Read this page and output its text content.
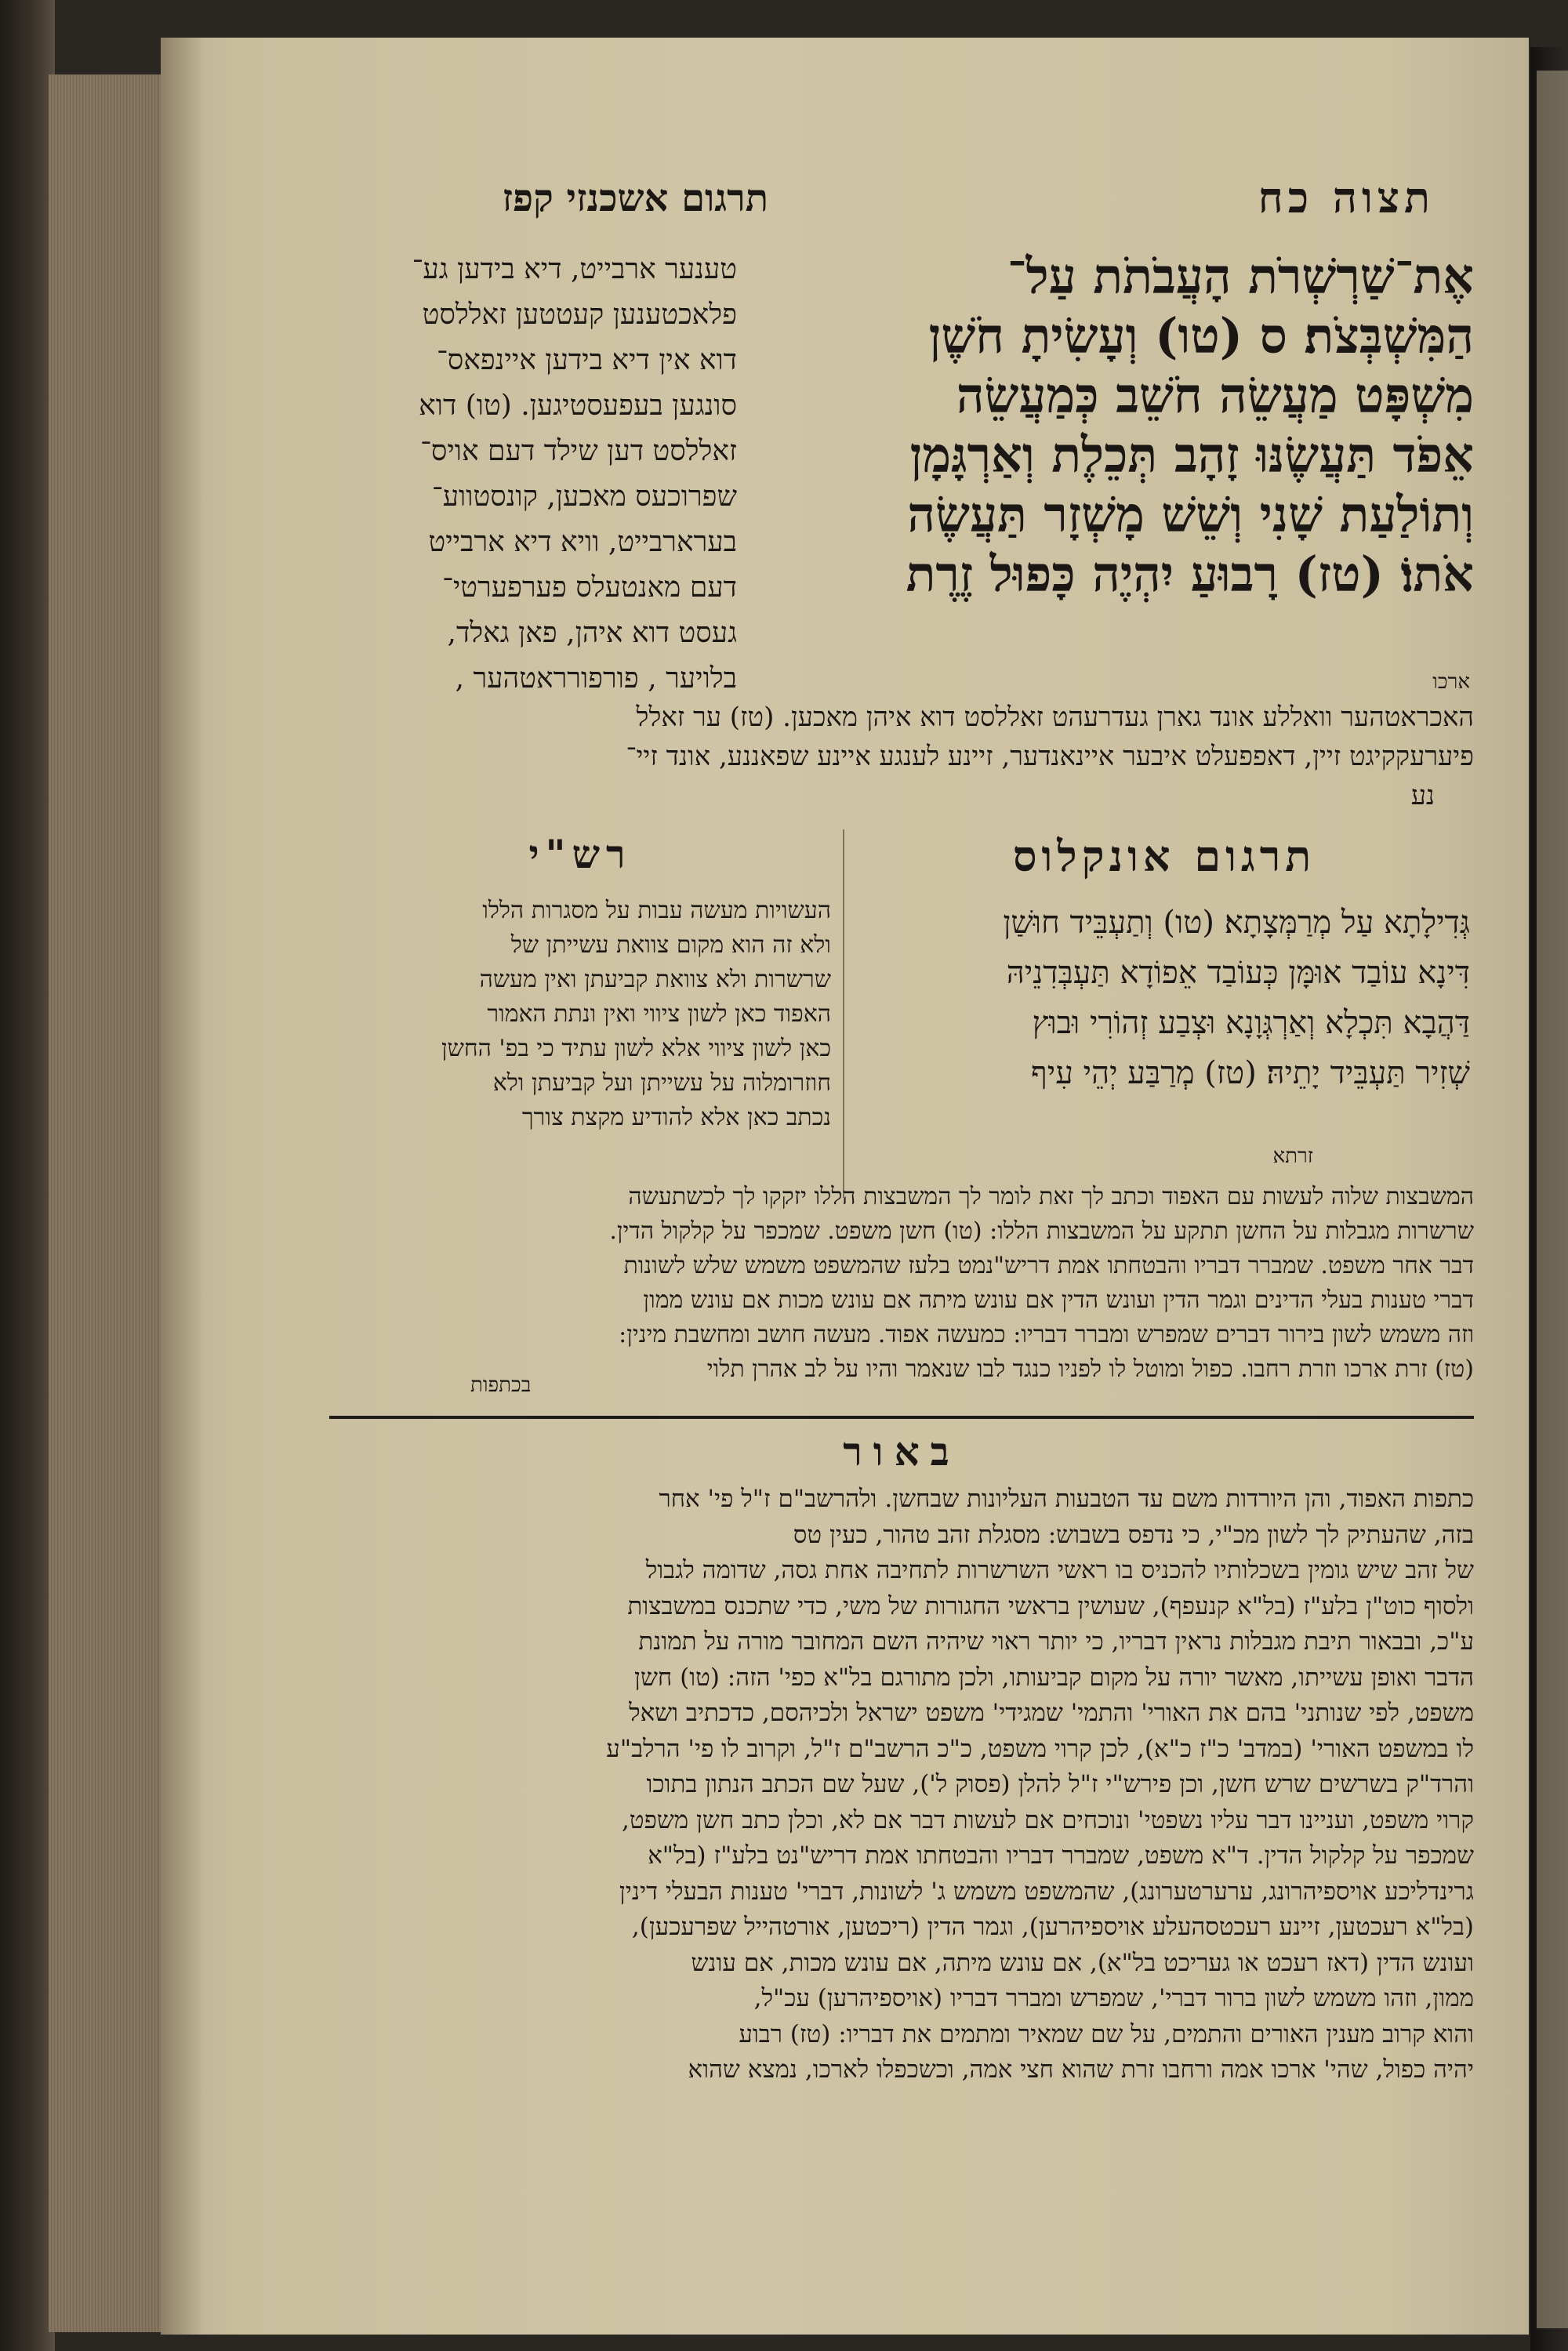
תצוה כח
תרגום אשכנזי קפז
אֶת־שַׁרְשְׁרֹת הָעֲבֹתֹת עַל־
הַמִּשְׁבְּצֹת׃ ס (טו) וְעָשִׂיתָ חֹשֶׁן
מִשְׁפָּט מַעֲשֵׂה חֹשֵׁב כְּמַעֲשֵׂה
אֵפֹד תַּעֲשֶׂנּוּ זָהָב תְּכֵלֶת וְאַרְגָּמָן
וְתוֹלַעַת שָׁנִי וְשֵׁשׁ מָשְׁזָר תַּעֲשֶׂה
אֹתוֹ׃ (טז) רָבוּעַ יִהְיֶה כָּפוּל זֶרֶת
ארכו
טענער ארבייט, דיא בידען גע־
פלאכטענען קעטטען זאללסט
דוא אין דיא בידען איינפאס־
סונגען בעפעסטיגען. (טו) דוא
זאללסט דען שילד דעם אויס־
שפרוכעס מאכען, קונסטווע־
בערארבייט, וויא דיא ארבייט
דעם מאנטעלס פערפערטי־
געסט דוא איהן, פאן גאלד,
בלויער , פורפורראטהער ,
האכראטהער וואללע אונד גארן געדרעהט זאללסט דוא איהן מאכען. (טז) ער זאלל
פיערעקקיגט זיין, דאפפעלט איבער איינאנדער, זיינע לענגע איינע שפאננע, אונד זיי־
נע
תרגום אונקלוס
גְּדִילָתָא עַל מְרַמְּצָתָא׃ (טו) וְתַעְבֵּיד חוּשַׁן
דִּינָא עוֹבַד אוּמָּן כְּעוֹבַד אֵפוֹדָא תַּעְבְּדִנֵיהּ
דַּהֲבָא תִּכְלָא וְאַרְגְּוָנָא וּצְבַע זְהוֹרִי וּבוּץ
שְׁזִיר תַּעְבֵּיד יָתֵיהּ׃ (טז) מְרַבַּע יְהֵי עִיף
זרתא
רש"י
העשויות מעשה עבות על מסגרות הללו
ולא זה הוא מקום צוואת עשייתן של
שרשרות ולא צוואת קביעתן ואין מעשה
האפוד כאן לשון ציווי ואין ונתת האמור
כאן לשון ציווי אלא לשון עתיד כי בפ' החשן
חוזרומלוה על עשייתן ועל קביעתן ולא
נכתב כאן אלא להודיע מקצת צורך
המשבצות שלוה לעשות עם האפוד וכתב לך זאת לומר לך המשבצות הללו יזקקו לך לכשתעשה
שרשרות מגבלות על החשן תתקע על המשבצות הללו: (טו) חשן משפט. שמכפר על קלקול הדין.
דבר אחר משפט. שמברר דבריו והבטחתו אמת דריש"נמט בלעז שהמשפט משמש שלש לשונות
דברי טענות בעלי הדינים וגמר הדין ועונש הדין אם עונש מיתה אם עונש מכות אם עונש ממון
וזה משמש לשון בירור דברים שמפרש ומברר דבריו: כמעשה אפוד. מעשה חושב ומחשבת מינין:
(טז) זרת ארכו וזרת רחבו. כפול ומוטל לו לפניו כנגד לבו שנאמר והיו על לב אהרן תלוי
בכתפות
באור
כתפות האפוד, והן היורדות משם עד הטבעות העליונות שבחשן. ולהרשב"ם ז"ל פי' אחר
בזה, שהעתיק לך לשון מכ"י, כי נדפס בשבוש: מסגלת זהב טהור, כעין טס
של זהב שיש גומין בשכלותיו להכניס בו ראשי השרשרות לתחיבה אחת גסה, שדומה לגבול
ולסוף כוט"ן בלע"ז (בל"א קנעפף), שעושין בראשי החגורות של משי, כדי שתכנס במשבצות
ע"כ, ובבאור תיבת מגבלות נראין דבריו, כי יותר ראוי שיהיה השם המחובר מורה על תמונת
הדבר ואופן עשייתו, מאשר יורה על מקום קביעותו, ולכן מתורגם בל"א כפי' הזה: (טו) חשן
משפט, לפי שנותני' בהם את האורי' והתמי' שמגידי' משפט ישראל ולכיהסם, כדכתיב ושאל
לו במשפט האורי' (במדב' כ"ז כ"א), לכן קרוי משפט, כ"כ הרשב"ם ז"ל, וקרוב לו פי' הרלב"ע
והרד"ק בשרשים שרש חשן, וכן פירש"י ז"ל להלן (פסוק ל'), שעל שם הכתב הנתון בתוכו
קרוי משפט, ועניינו דבר עליו נשפטי' ונוכחים אם לעשות דבר אם לא, וכלן כתב חשן משפט,
שמכפר על קלקול הדין. ד"א משפט, שמברר דבריו והבטחתו אמת דריש"נט בלע"ז (בל"א
גרינדליכע אויספיהרונג, ערערטערונג), שהמשפט משמש ג' לשונות, דברי' טענות הבעלי דינין
(בל"א רעכטען, זיינע רעכטסהעלע אויספיהרען), וגמר הדין (ריכטען, אורטהייל שפרעכען),
ועונש הדין (דאז רעכט או געריכט בל"א), אם עונש מיתה, אם עונש מכות, אם עונש
ממון, וזהו משמש לשון ברור דברי', שמפרש ומברר דבריו (אויספיהרען) עכ"ל,
והוא קרוב מענין האורים והתמים, על שם שמאיר ומתמים את דבריו: (טז) רבוע
יהיה כפול, שהי' ארכו אמה ורחבו זרת שהוא חצי אמה, וכשכפלו לארכו, נמצא שהוא
